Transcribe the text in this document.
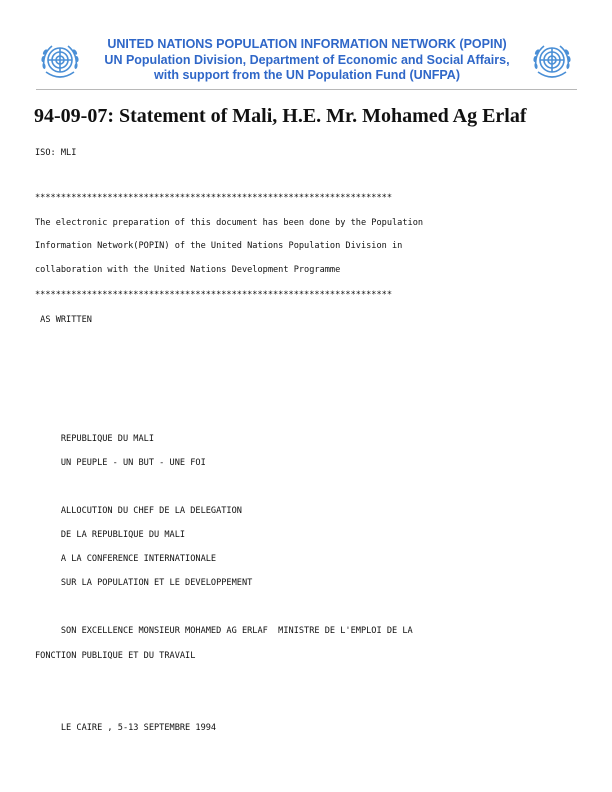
UNITED NATIONS POPULATION INFORMATION NETWORK (POPIN)
UN Population Division, Department of Economic and Social Affairs,
with support from the UN Population Fund (UNFPA)
94-09-07: Statement of Mali, H.E. Mr. Mohamed Ag Erlaf
ISO: MLI
*********************************************************************
The electronic preparation of this document has been done by the Population
Information Network(POPIN) of the United Nations Population Division in
collaboration with the United Nations Development Programme
*********************************************************************
AS WRITTEN
REPUBLIQUE DU MALI
UN PEUPLE - UN BUT - UNE FOI
ALLOCUTION DU CHEF DE LA DELEGATION
DE LA REPUBLIQUE DU MALI
A LA CONFERENCE INTERNATIONALE
SUR LA POPULATION ET LE DEVELOPPEMENT
SON EXCELLENCE MONSIEUR MOHAMED AG ERLAF  MINISTRE DE L'EMPLOI DE LA
FONCTION PUBLIQUE ET DU TRAVAIL
LE CAIRE , 5-13 SEPTEMBRE 1994
